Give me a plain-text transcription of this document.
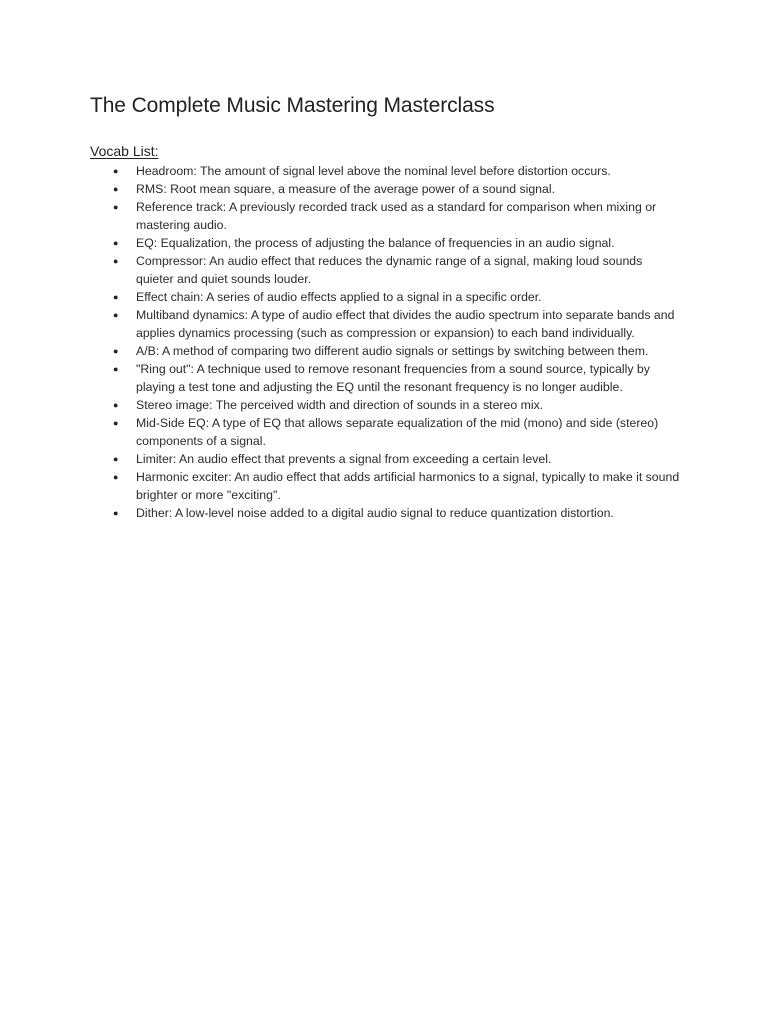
The Complete Music Mastering Masterclass
Vocab List:
● Headroom: The amount of signal level above the nominal level before distortion occurs.
● RMS: Root mean square, a measure of the average power of a sound signal.
● Reference track: A previously recorded track used as a standard for comparison when mixing or mastering audio.
● EQ: Equalization, the process of adjusting the balance of frequencies in an audio signal.
● Compressor: An audio effect that reduces the dynamic range of a signal, making loud sounds quieter and quiet sounds louder.
● Effect chain: A series of audio effects applied to a signal in a specific order.
● Multiband dynamics: A type of audio effect that divides the audio spectrum into separate bands and applies dynamics processing (such as compression or expansion) to each band individually.
● A/B: A method of comparing two different audio signals or settings by switching between them.
● "Ring out": A technique used to remove resonant frequencies from a sound source, typically by playing a test tone and adjusting the EQ until the resonant frequency is no longer audible.
● Stereo image: The perceived width and direction of sounds in a stereo mix.
● Mid-Side EQ: A type of EQ that allows separate equalization of the mid (mono) and side (stereo) components of a signal.
● Limiter: An audio effect that prevents a signal from exceeding a certain level.
● Harmonic exciter: An audio effect that adds artificial harmonics to a signal, typically to make it sound brighter or more "exciting".
● Dither: A low-level noise added to a digital audio signal to reduce quantization distortion.
